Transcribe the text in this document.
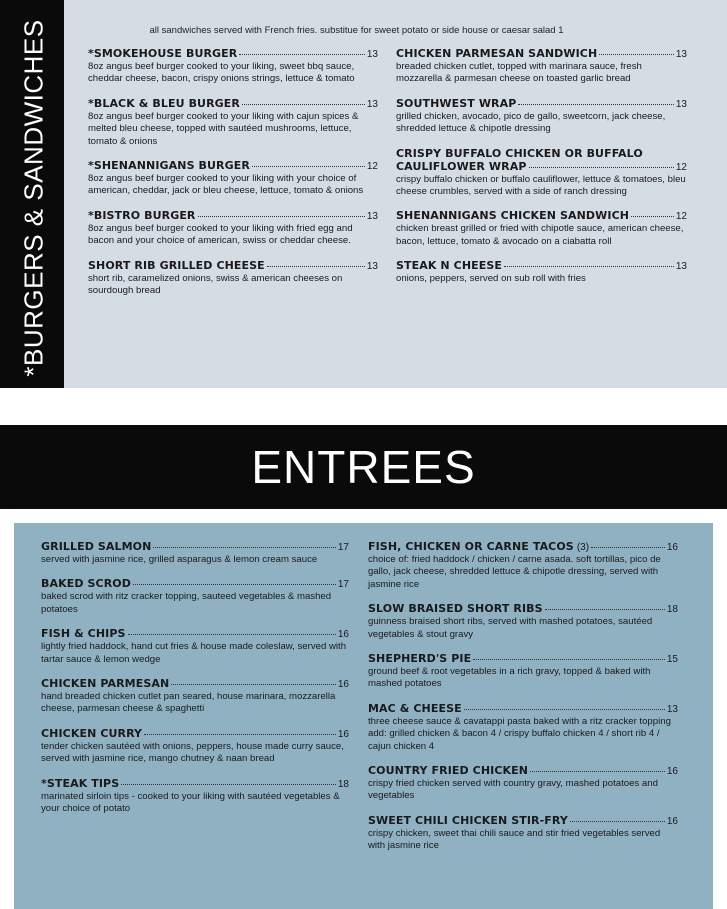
*BURGERS & SANDWICHES	all sandwiches served with French fries. substitue for sweet potato or side house or caesar salad 1
*SMOKEHOUSE BURGER	13
8oz angus beef burger cooked to your liking, sweet bbq sauce, cheddar cheese, bacon, crispy onions strings, lettuce & tomato
*BLACK & BLEU BURGER	13
8oz angus beef burger cooked to your liking with cajun spices & melted bleu cheese, topped with sautéed mushrooms, lettuce, tomato & onions
*SHENANNIGANS BURGER	12
8oz angus beef burger cooked to your liking with your choice of american, cheddar, jack or bleu cheese, lettuce, tomato & onions
*BISTRO BURGER	13
8oz angus beef burger cooked to your liking with fried egg and bacon and your choice of american, swiss or cheddar cheese.
SHORT RIB GRILLED CHEESE	13
short rib, caramelized onions, swiss & american cheeses on sourdough bread
CHICKEN PARMESAN SANDWICH	13
breaded chicken cutlet, topped with marinara sauce, fresh mozzarella & parmesan cheese on toasted garlic bread
SOUTHWEST WRAP	13
grilled chicken, avocado, pico de gallo, sweetcorn, jack cheese, shredded lettuce & chipotle dressing
CRISPY BUFFALO CHICKEN OR BUFFALO
CAULIFLOWER WRAP	12
crispy buffalo chicken or buffalo cauliflower, lettuce & tomatoes, bleu cheese crumbles, served with a side of ranch dressing
SHENANNIGANS CHICKEN SANDWICH	12
chicken breast grilled or fried with chipotle sauce, american cheese, bacon, lettuce, tomato & avocado on a ciabatta roll
STEAK N CHEESE	13
onions, peppers, served on sub roll with fries
ENTREES
GRILLED SALMON	17
served with jasmine rice, grilled asparagus & lemon cream sauce
BAKED SCROD	17
baked scrod with ritz cracker topping, sauteed vegetables & mashed potatoes
FISH & CHIPS	16
lightly fried haddock, hand cut fries & house made coleslaw, served with tartar sauce & lemon wedge
CHICKEN PARMESAN	16
hand breaded chicken cutlet pan seared, house marinara, mozzarella cheese, parmesan cheese & spaghetti
CHICKEN CURRY	16
tender chicken sautéed with onions, peppers, house made curry sauce, served with jasmine rice, mango chutney & naan bread
*STEAK TIPS	18
marinated sirloin tips - cooked to your liking with sautéed vegetables & your choice of potato
FISH, CHICKEN OR CARNE TACOS (3)	16
choice of: fried haddock / chicken / carne asada. soft tortillas, pico de gallo, jack cheese, shredded lettuce & chipotle dressing, served with jasmine rice
SLOW BRAISED SHORT RIBS	18
guinness braised short ribs, served with mashed potatoes, sautéed vegetables & stout gravy
SHEPHERD'S PIE	15
ground beef & root vegetables in a rich gravy, topped & baked with mashed potatoes
MAC & CHEESE	13
three cheese sauce & cavatappi pasta baked with a ritz cracker topping add: grilled chicken & bacon 4 / crispy buffalo chicken 4 / short rib 4 / cajun chicken 4
COUNTRY FRIED CHICKEN	16
crispy fried chicken served with country gravy, mashed potatoes and vegetables
SWEET CHILI CHICKEN STIR-FRY	16
crispy chicken, sweet thai chili sauce and stir fried vegetables served with jasmine rice
